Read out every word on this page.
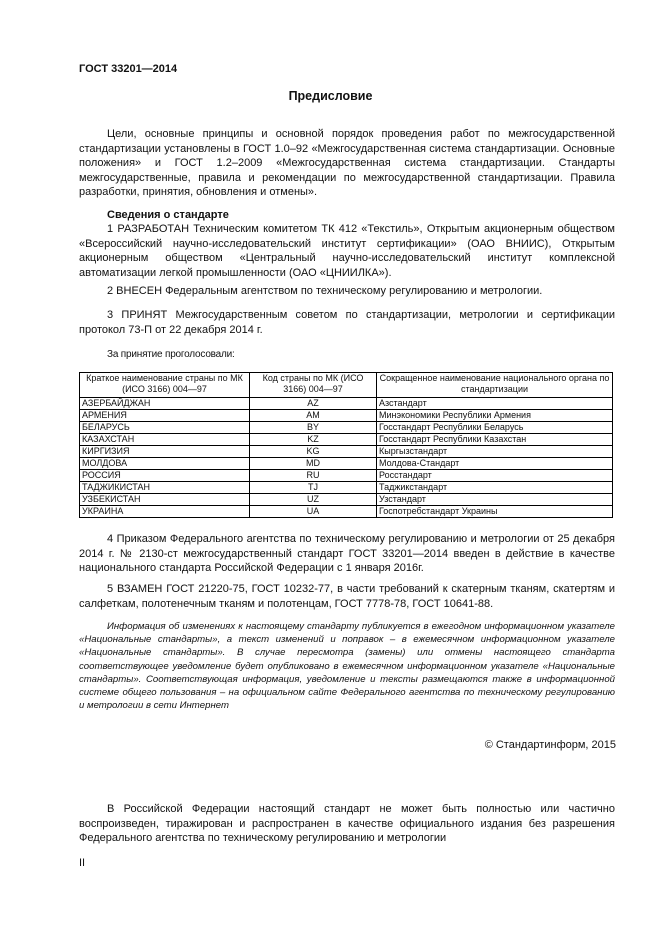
ГОСТ 33201—2014
Предисловие
Цели, основные принципы и основной порядок проведения работ по межгосударственной стандартизации установлены в ГОСТ 1.0–92 «Межгосударственная система стандартизации. Основные положения» и ГОСТ 1.2–2009 «Межгосударственная система стандартизации. Стандарты межгосударственные, правила и рекомендации по межгосударственной стандартизации. Правила разработки, принятия, обновления и отмены».
Сведения о стандарте
1 РАЗРАБОТАН Техническим комитетом ТК 412 «Текстиль», Открытым акционерным обществом «Всероссийский научно-исследовательский институт сертификации» (ОАО ВНИИС), Открытым акционерным обществом «Центральный научно-исследовательский институт комплексной автоматизации легкой промышленности (ОАО «ЦНИИЛКА»).
2 ВНЕСЕН Федеральным агентством по техническому регулированию и метрологии.
3 ПРИНЯТ Межгосударственным советом по стандартизации, метрологии и сертификации протокол 73-П от 22 декабря 2014 г.
За принятие проголосовали:
Краткое наименование страны по МК (ИСО 3166) 004—97	Код страны по МК (ИСО 3166) 004—97	Сокращенное наименование национального органа по стандартизации
АЗЕРБАЙДЖАН	AZ	Азстандарт
АРМЕНИЯ	AM	Минэкономики Республики Армения
БЕЛАРУСЬ	BY	Госстандарт Республики Беларусь
КАЗАХСТАН	KZ	Госстандарт Республики Казахстан
КИРГИЗИЯ	KG	Кыргызстандарт
МОЛДОВА	MD	Молдова-Стандарт
РОССИЯ	RU	Росстандарт
ТАДЖИКИСТАН	TJ	Таджикстандарт
УЗБЕКИСТАН	UZ	Узстандарт
УКРАИНА	UA	Госпотребстандарт Украины
4 Приказом Федерального агентства по техническому регулированию и метрологии от 25 декабря 2014 г. № 2130-ст межгосударственный стандарт ГОСТ 33201—2014 введен в действие в качестве национального стандарта Российской Федерации с 1 января 2016г.
5 ВЗАМЕН ГОСТ 21220-75, ГОСТ 10232-77, в части требований к скатерным тканям, скатертям и салфеткам, полотенечным тканям и полотенцам, ГОСТ 7778-78, ГОСТ 10641-88.
Информация об изменениях к настоящему стандарту публикуется в ежегодном информационном указателе «Национальные стандарты», а текст изменений и поправок – в ежемесячном информационном указателе «Национальные стандарты». В случае пересмотра (замены) или отмены настоящего стандарта соответствующее уведомление будет опубликовано в ежемесячном информационном указателе «Национальные стандарты». Соответствующая информация, уведомление и тексты размещаются также в информационной системе общего пользования – на официальном сайте Федерального агентства по техническому регулированию и метрологии в сети Интернет
© Стандартинформ, 2015
В Российской Федерации настоящий стандарт не может быть полностью или частично воспроизведен, тиражирован и распространен в качестве официального издания без разрешения Федерального агентства по техническому регулированию и метрологии
II
